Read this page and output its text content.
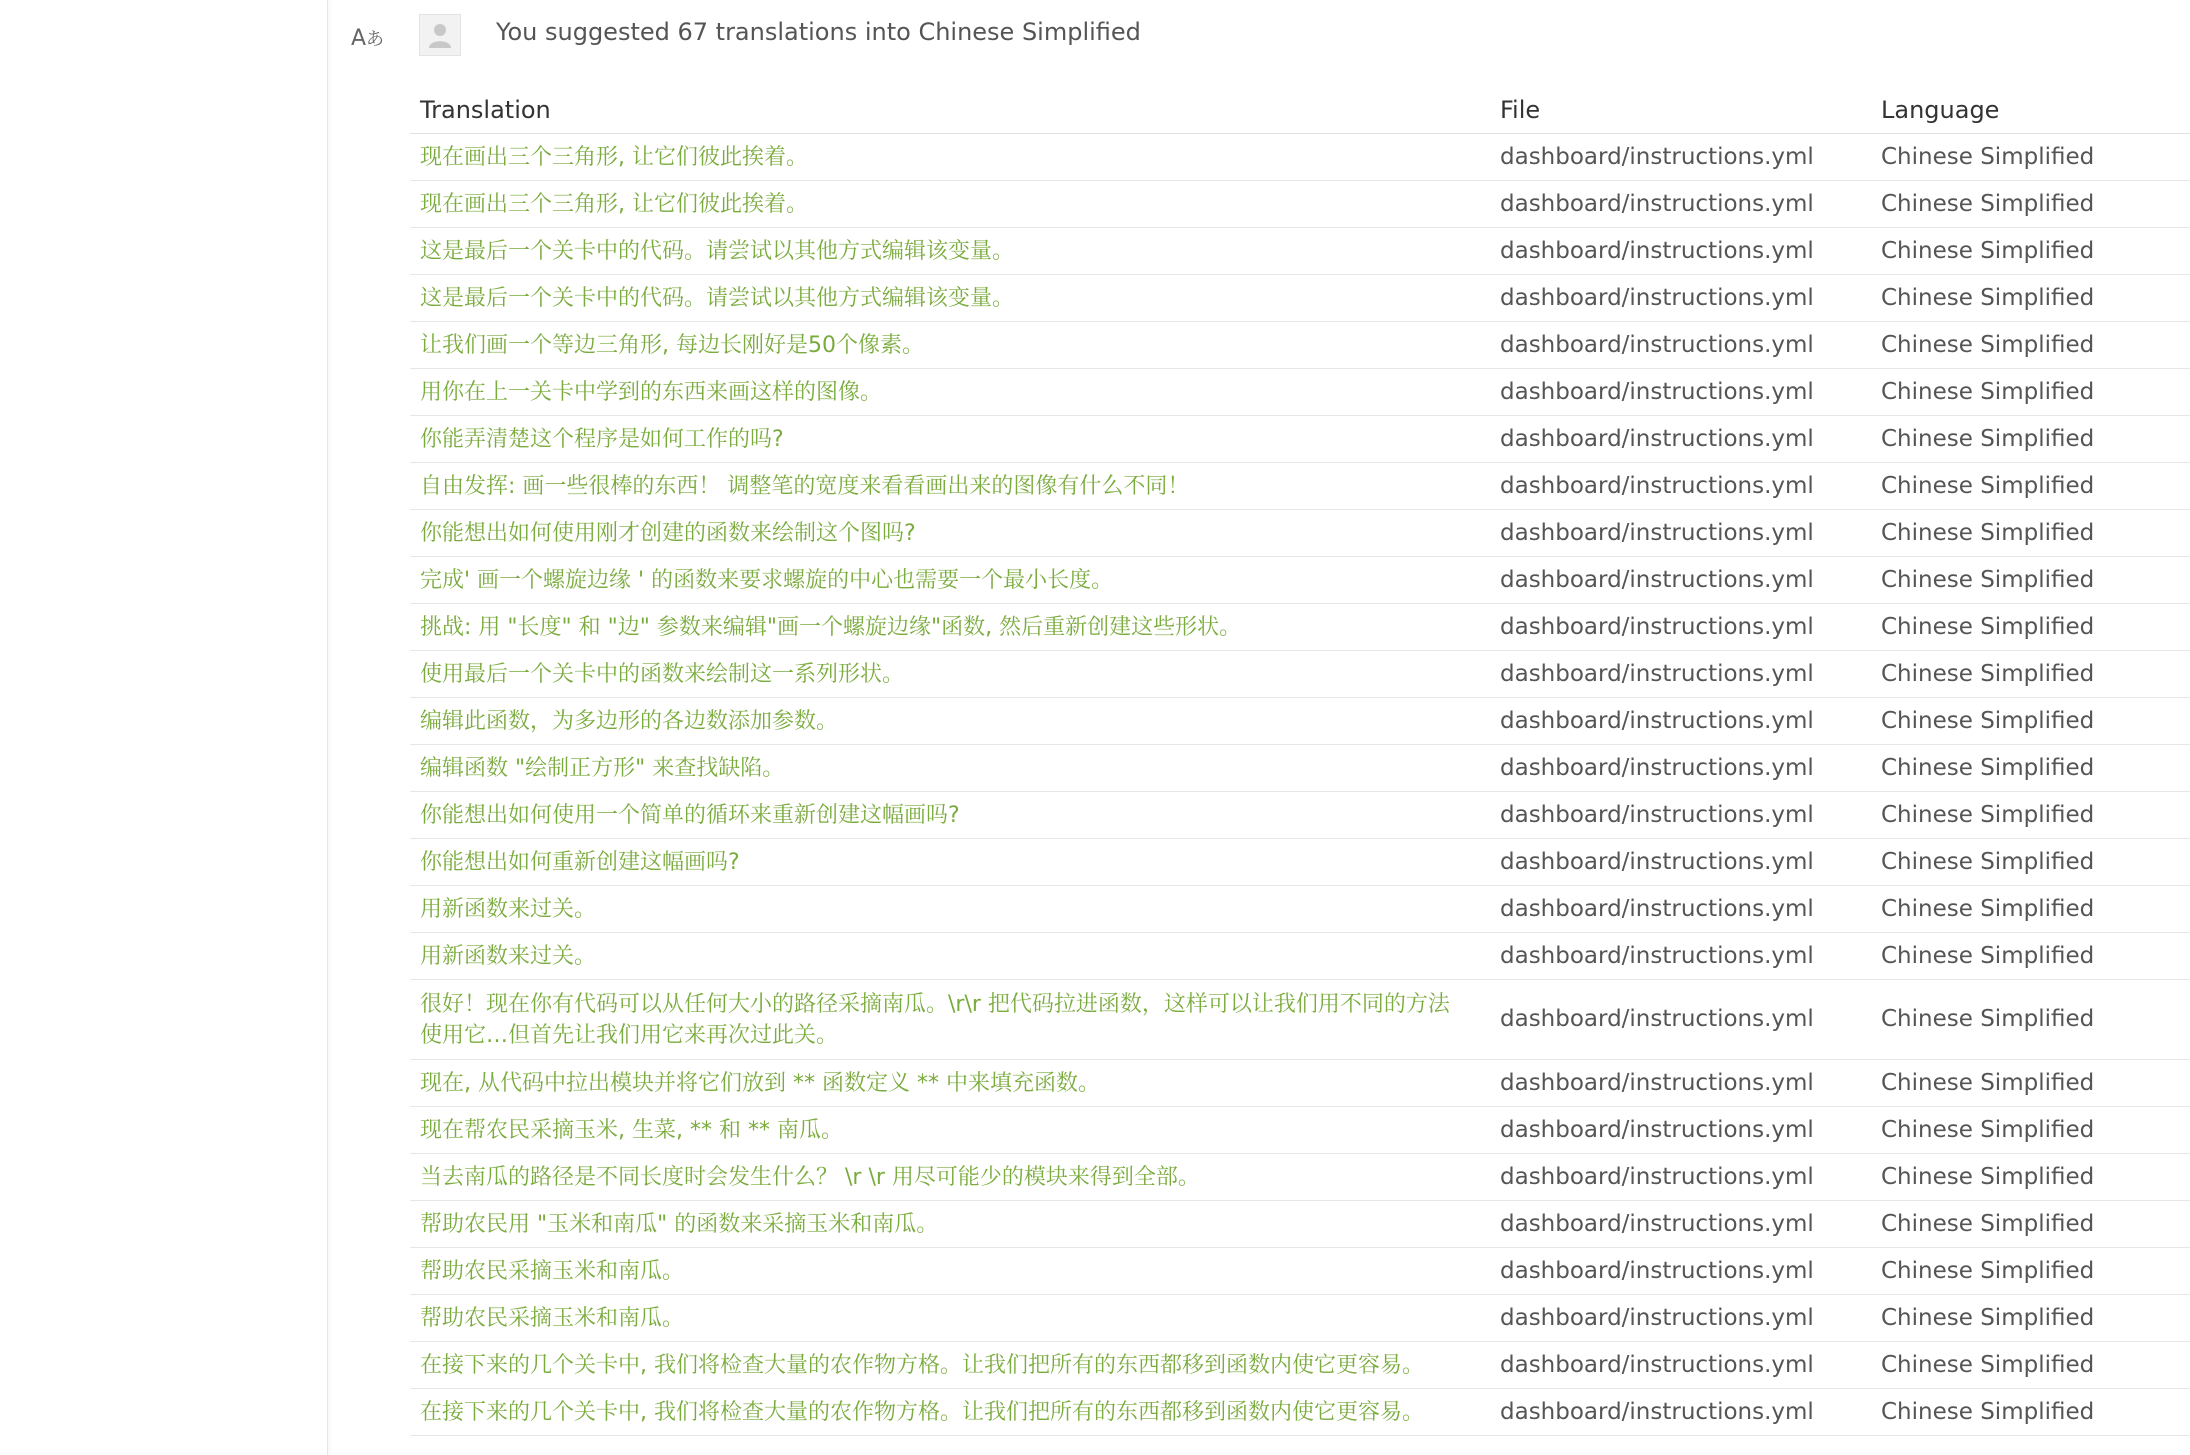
A あ	You suggested 67 translations into Chinese Simplified
Translation	File	Language
现在画出三个三角形, 让它们彼此挨着。	dashboard/instructions.yml	Chinese Simplified
现在画出三个三角形, 让它们彼此挨着。	dashboard/instructions.yml	Chinese Simplified
这是最后一个关卡中的代码。请尝试以其他方式编辑该变量。	dashboard/instructions.yml	Chinese Simplified
这是最后一个关卡中的代码。请尝试以其他方式编辑该变量。	dashboard/instructions.yml	Chinese Simplified
让我们画一个等边三角形, 每边长刚好是50个像素。	dashboard/instructions.yml	Chinese Simplified
用你在上一关卡中学到的东西来画这样的图像。	dashboard/instructions.yml	Chinese Simplified
你能弄清楚这个程序是如何工作的吗?	dashboard/instructions.yml	Chinese Simplified
自由发挥: 画一些很棒的东西！ 调整笔的宽度来看看画出来的图像有什么不同！	dashboard/instructions.yml	Chinese Simplified
你能想出如何使用刚才创建的函数来绘制这个图吗?	dashboard/instructions.yml	Chinese Simplified
完成' 画一个螺旋边缘 ' 的函数来要求螺旋的中心也需要一个最小长度。	dashboard/instructions.yml	Chinese Simplified
挑战: 用 "长度" 和 "边" 参数来编辑"画一个螺旋边缘"函数, 然后重新创建这些形状。	dashboard/instructions.yml	Chinese Simplified
使用最后一个关卡中的函数来绘制这一系列形状。	dashboard/instructions.yml	Chinese Simplified
编辑此函数，为多边形的各边数添加参数。	dashboard/instructions.yml	Chinese Simplified
编辑函数 "绘制正方形" 来查找缺陷。	dashboard/instructions.yml	Chinese Simplified
你能想出如何使用一个简单的循环来重新创建这幅画吗?	dashboard/instructions.yml	Chinese Simplified
你能想出如何重新创建这幅画吗?	dashboard/instructions.yml	Chinese Simplified
用新函数来过关。	dashboard/instructions.yml	Chinese Simplified
用新函数来过关。	dashboard/instructions.yml	Chinese Simplified
很好！现在你有代码可以从任何大小的路径采摘南瓜。\r\r 把代码拉进函数，这样可以让我们用不同的方法使用它…但首先让我们用它来再次过此关。	dashboard/instructions.yml	Chinese Simplified
现在, 从代码中拉出模块并将它们放到 ** 函数定义 ** 中来填充函数。	dashboard/instructions.yml	Chinese Simplified
现在帮农民采摘玉米, 生菜, ** 和 ** 南瓜。	dashboard/instructions.yml	Chinese Simplified
当去南瓜的路径是不同长度时会发生什么？ \r \r 用尽可能少的模块来得到全部。	dashboard/instructions.yml	Chinese Simplified
帮助农民用 "玉米和南瓜" 的函数来采摘玉米和南瓜。	dashboard/instructions.yml	Chinese Simplified
帮助农民采摘玉米和南瓜。	dashboard/instructions.yml	Chinese Simplified
帮助农民采摘玉米和南瓜。	dashboard/instructions.yml	Chinese Simplified
在接下来的几个关卡中, 我们将检查大量的农作物方格。让我们把所有的东西都移到函数内使它更容易。	dashboard/instructions.yml	Chinese Simplified
在接下来的几个关卡中, 我们将检查大量的农作物方格。让我们把所有的东西都移到函数内使它更容易。	dashboard/instructions.yml	Chinese Simplified
